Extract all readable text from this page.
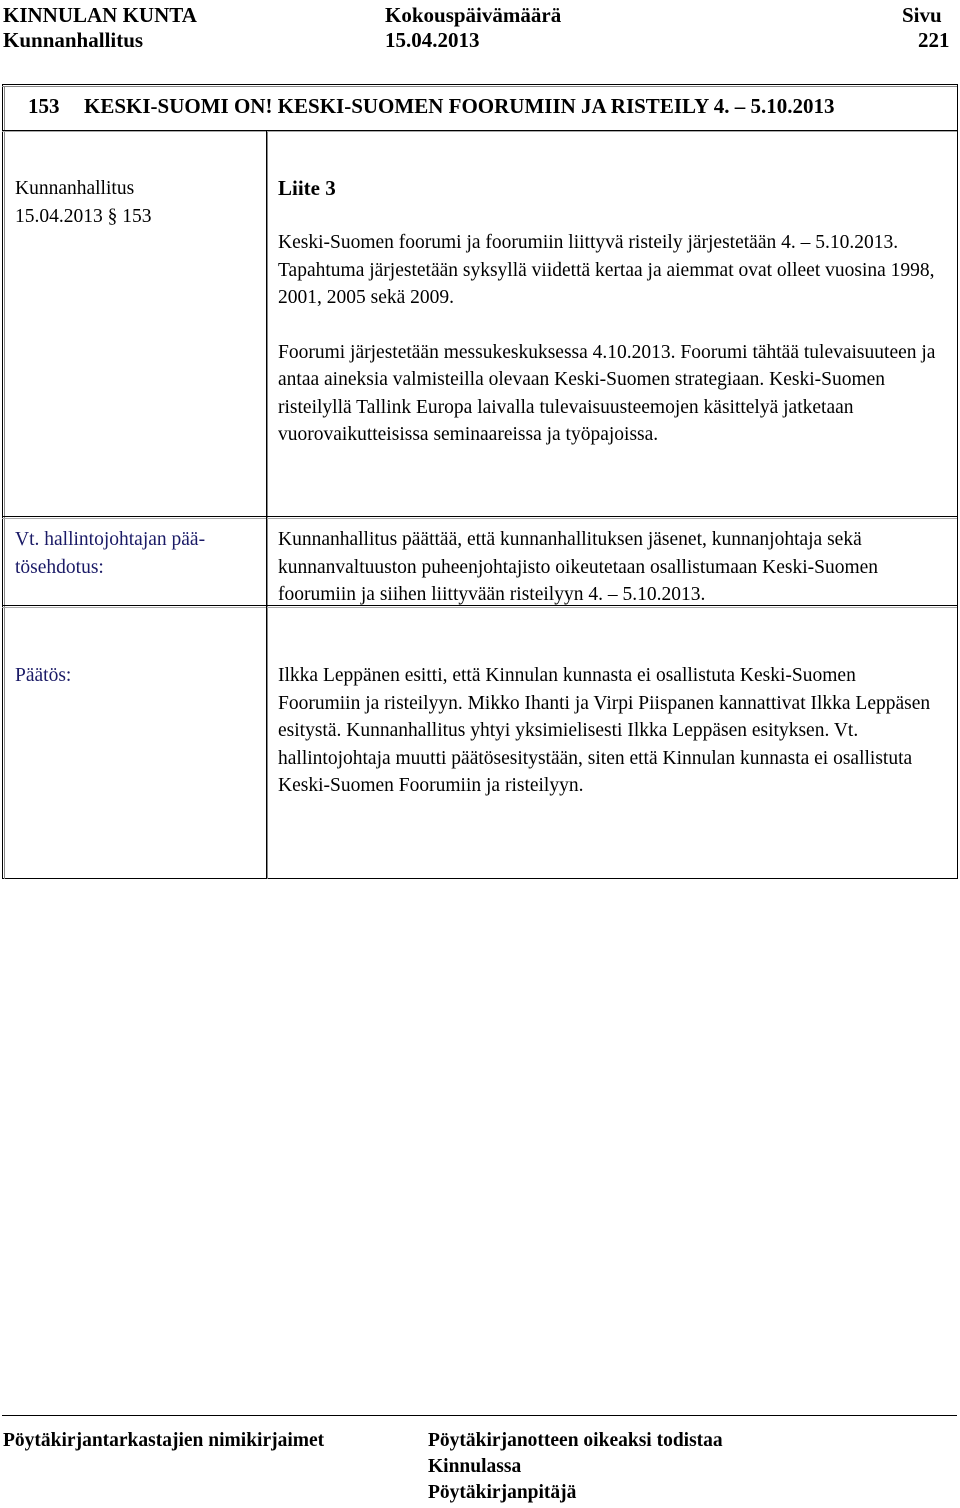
KINNULAN KUNTA
Kunnanhallitus
Kokouspäivämäärä
15.04.2013
Sivu
221
153 KESKI-SUOMI ON! KESKI-SUOMEN FOORUMIIN JA RISTEILY 4. – 5.10.2013
Kunnanhallitus
15.04.2013 § 153
Liite 3
Keski-Suomen foorumi ja foorumiin liittyvä risteily järjestetään 4. – 5.10.2013. Tapahtuma järjestetään syksyllä viidettä kertaa ja aiemmat ovat olleet vuosina 1998, 2001, 2005 sekä 2009.
Foorumi järjestetään messukeskuksessa 4.10.2013. Foorumi tähtää tulevaisuuteen ja antaa aineksia valmisteilla olevaan Keski-Suomen strategiaan. Keski-Suomen risteilyllä Tallink Europa laivalla tulevaisuusteemojen käsittelyä jatketaan vuorovaikutteisissa seminaareissa ja työpajoissa.
Vt. hallintojohtajan pää-
tösehdotus:
Kunnanhallitus päättää, että kunnanhallituksen jäsenet, kunnanjohtaja sekä kunnanvaltuuston puheenjohtajisto oikeutetaan osallistumaan Keski-Suomen foorumiin ja siihen liittyvään risteilyyn 4. – 5.10.2013.
Päätös:	Ilkka Leppänen esitti, että Kinnulan kunnasta ei osallistuta Keski-Suomen Foorumiin ja risteilyyn. Mikko Ihanti ja Virpi Piispanen kannattivat Ilkka Leppäsen esitystä. Kunnanhallitus yhtyi yksimielisesti Ilkka Leppäsen esityksen. Vt. hallintojohtaja muutti päätösesitystään, siten että Kinnulan kunnasta ei osallistuta Keski-Suomen Foorumiin ja risteilyyn.
Pöytäkirjantarkastajien nimikirjaimet	Pöytäkirjanotteen oikeaksi todistaa
Kinnulassa
Pöytäkirjanpitäjä
